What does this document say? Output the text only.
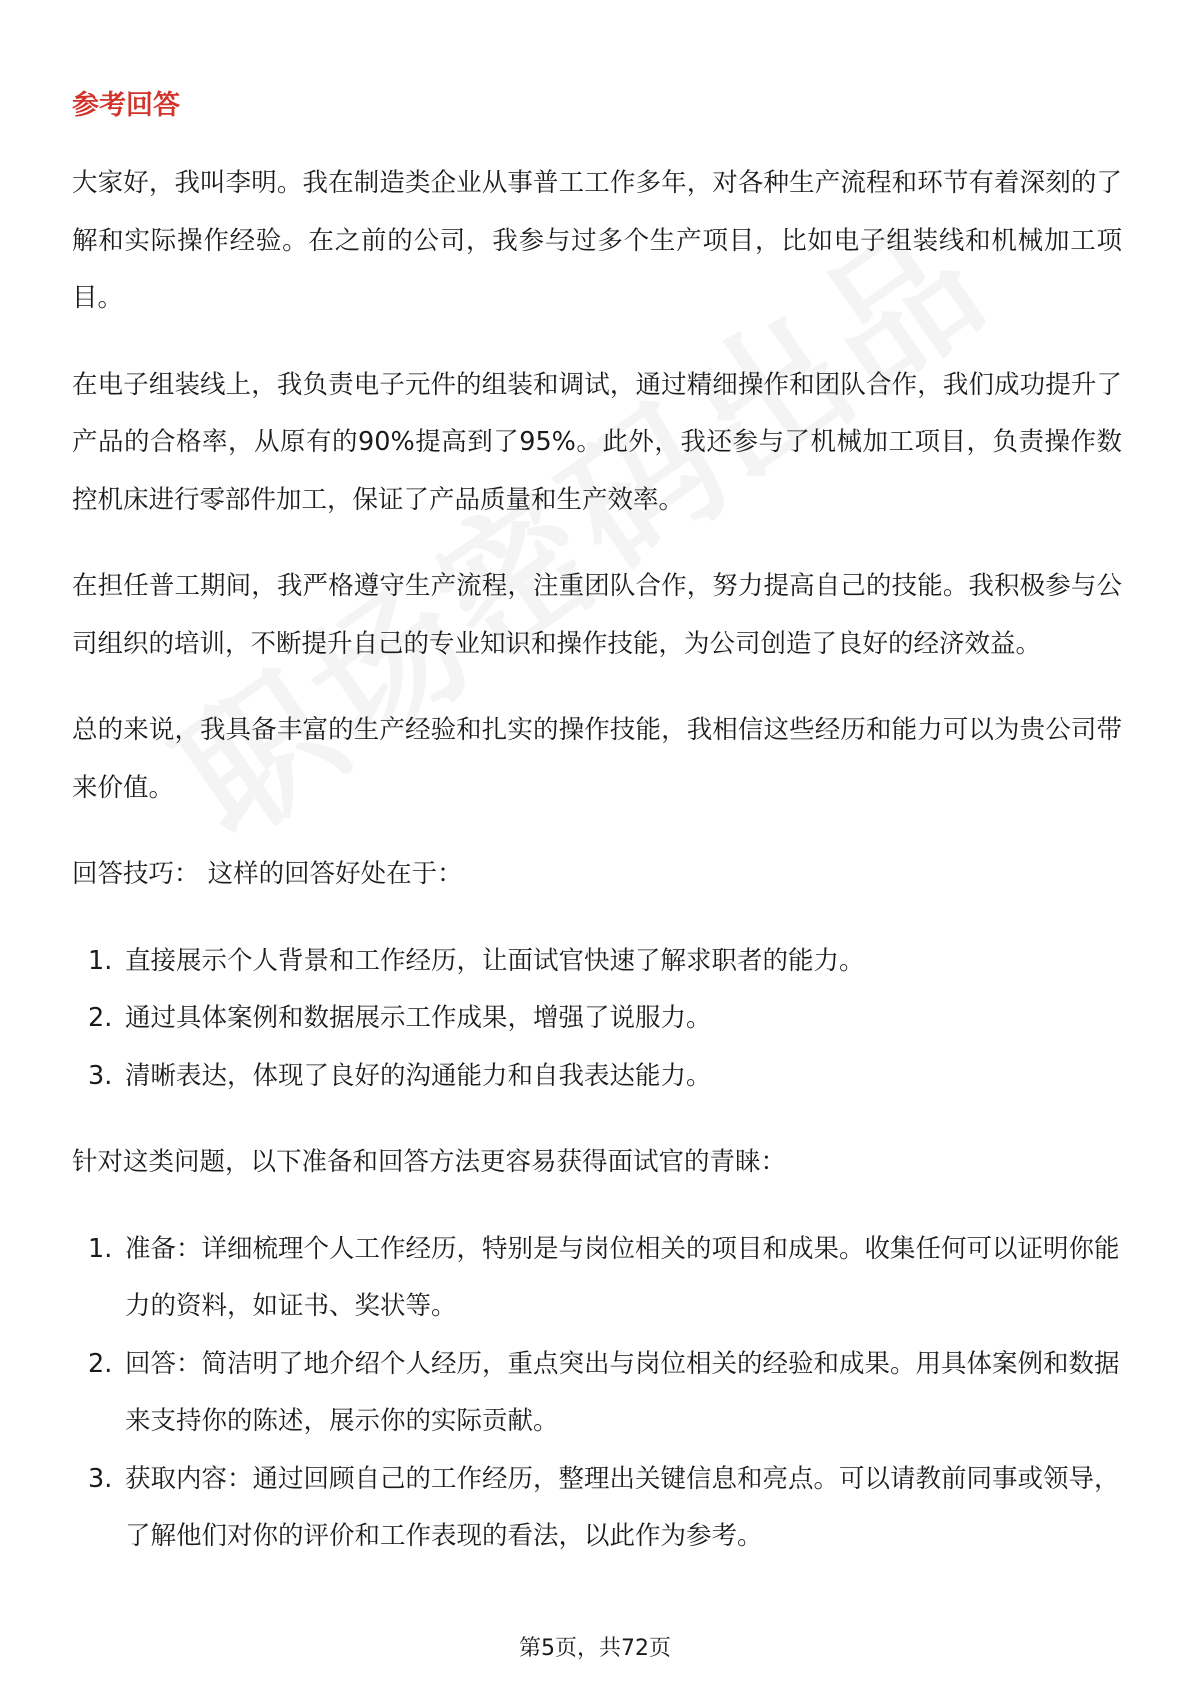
参考回答

大家好，我叫李明。我在制造类企业从事普工工作多年，对各种生产流程和环节有着深刻的了解和实际操作经验。在之前的公司，我参与过多个生产项目，比如电子组装线和机械加工项目。

在电子组装线上，我负责电子元件的组装和调试，通过精细操作和团队合作，我们成功提升了产品的合格率，从原有的90%提高到了95%。此外，我还参与了机械加工项目，负责操作数控机床进行零部件加工，保证了产品质量和生产效率。

在担任普工期间，我严格遵守生产流程，注重团队合作，努力提高自己的技能。我积极参与公司组织的培训，不断提升自己的专业知识和操作技能，为公司创造了良好的经济效益。

总的来说，我具备丰富的生产经验和扎实的操作技能，我相信这些经历和能力可以为贵公司带来价值。

回答技巧： 这样的回答好处在于：

1. 直接展示个人背景和工作经历，让面试官快速了解求职者的能力。
2. 通过具体案例和数据展示工作成果，增强了说服力。
3. 清晰表达，体现了良好的沟通能力和自我表达能力。

针对这类问题，以下准备和回答方法更容易获得面试官的青睐：

1. 准备：详细梳理个人工作经历，特别是与岗位相关的项目和成果。收集任何可以证明你能力的资料，如证书、奖状等。
2. 回答：简洁明了地介绍个人经历，重点突出与岗位相关的经验和成果。用具体案例和数据来支持你的陈述，展示你的实际贡献。
3. 获取内容：通过回顾自己的工作经历，整理出关键信息和亮点。可以请教前同事或领导，了解他们对你的评价和工作表现的看法，以此作为参考。
第5页，共72页
